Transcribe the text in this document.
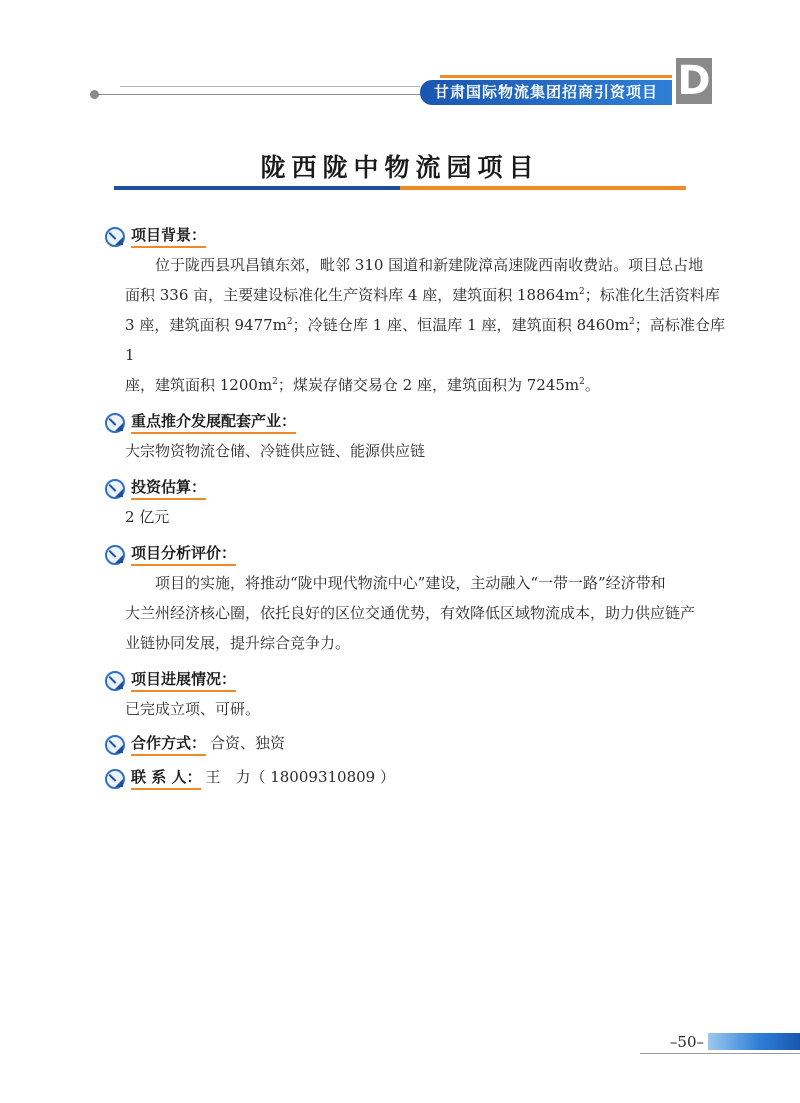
甘肃国际物流集团招商引资项目 D
陇西陇中物流园项目
项目背景：
位于陇西县巩昌镇东郊，毗邻 310 国道和新建陇漳高速陇西南收费站。项目总占地
面积 336 亩，主要建设标准化生产资料库 4 座，建筑面积 $18864m^2$；标准化生活资料库
3 座，建筑面积 $9477m^2$；冷链仓库 1 座、恒温库 1 座，建筑面积 $8460m^2$；高标准仓库 1
座，建筑面积 $1200m^2$；煤炭存储交易仓 2 座，建筑面积为 $7245m^2$。
重点推介发展配套产业：
大宗物资物流仓储、冷链供应链、能源供应链
投资估算：
2 亿元
项目分析评价：
项目的实施，将推动“陇中现代物流中心”建设，主动融入“一带一路”经济带和
大兰州经济核心圈，依托良好的区位交通优势，有效降低区域物流成本，助力供应链产
业链协同发展，提升综合竞争力。
项目进展情况：
已完成立项、可研。
合作方式： 合资、独资
联 系 人： 王　力（ 18009310809 ）
–50–
